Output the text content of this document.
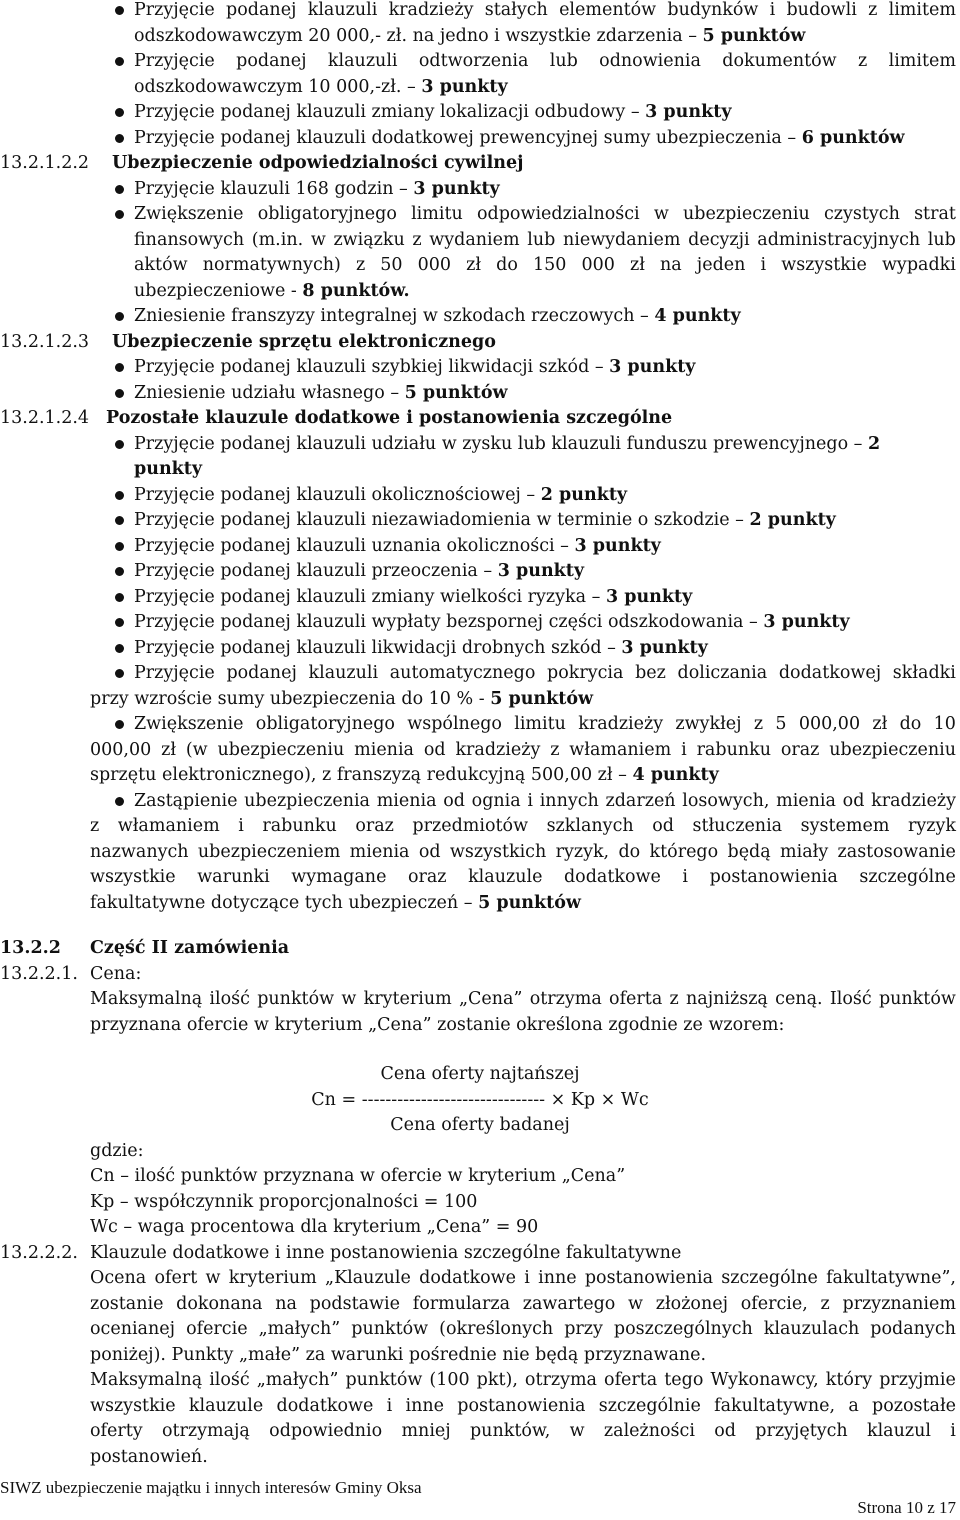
Przyjęcie podanej klauzuli kradzieży stałych elementów budynków i budowli z limitem
odszkodowawczym 20 000,- zł. na jedno i wszystkie zdarzenia – 5 punktów
Przyjęcie podanej klauzuli odtworzenia lub odnowienia dokumentów z limitem
odszkodowawczym 10 000,-zł. – 3 punkty
Przyjęcie podanej klauzuli zmiany lokalizacji odbudowy – 3 punkty
Przyjęcie podanej klauzuli dodatkowej prewencyjnej sumy ubezpieczenia – 6 punktów
13.2.1.2.2 Ubezpieczenie odpowiedzialności cywilnej
Przyjęcie klauzuli 168 godzin – 3 punkty
Zwiększenie obligatoryjnego limitu odpowiedzialności w ubezpieczeniu czystych strat
finansowych (m.in. w związku z wydaniem lub niewydaniem decyzji administracyjnych lub
aktów normatywnych) z 50 000 zł do 150 000 zł na jeden i wszystkie wypadki
ubezpieczeniowe - 8 punktów.
Zniesienie franszyzy integralnej w szkodach rzeczowych – 4 punkty
13.2.1.2.3 Ubezpieczenie sprzętu elektronicznego
Przyjęcie podanej klauzuli szybkiej likwidacji szkód – 3 punkty
Zniesienie udziału własnego – 5 punktów
13.2.1.2.4 Pozostałe klauzule dodatkowe i postanowienia szczególne
Przyjęcie podanej klauzuli udziału w zysku lub klauzuli funduszu prewencyjnego – 2
punkty
Przyjęcie podanej klauzuli okolicznościowej – 2 punkty
Przyjęcie podanej klauzuli niezawiadomienia w terminie o szkodzie – 2 punkty
Przyjęcie podanej klauzuli uznania okoliczności – 3 punkty
Przyjęcie podanej klauzuli przeoczenia – 3 punkty
Przyjęcie podanej klauzuli zmiany wielkości ryzyka – 3 punkty
Przyjęcie podanej klauzuli wypłaty bezspornej części odszkodowania – 3 punkty
Przyjęcie podanej klauzuli likwidacji drobnych szkód – 3 punkty
Przyjęcie podanej klauzuli automatycznego pokrycia bez doliczania dodatkowej składki
przy wzroście sumy ubezpieczenia do 10 % - 5 punktów
Zwiększenie obligatoryjnego wspólnego limitu kradzieży zwykłej z 5 000,00 zł do 10
000,00 zł (w ubezpieczeniu mienia od kradzieży z włamaniem i rabunku oraz ubezpieczeniu
sprzętu elektronicznego), z franszyzą redukcyjną 500,00 zł – 4 punkty
Zastąpienie ubezpieczenia mienia od ognia i innych zdarzeń losowych, mienia od kradzieży
z włamaniem i rabunku oraz przedmiotów szklanych od stłuczenia systemem ryzyk
nazwanych ubezpieczeniem mienia od wszystkich ryzyk, do którego będą miały zastosowanie
wszystkie warunki wymagane oraz klauzule dodatkowe i postanowienia szczególne
fakultatywne dotyczące tych ubezpieczeń – 5 punktów
13.2.2 Część II zamówienia
13.2.2.1. Cena:
Maksymalną ilość punktów w kryterium „Cena” otrzyma oferta z najniższą ceną. Ilość punktów
przyznana ofercie w kryterium „Cena” zostanie określona zgodnie ze wzorem:
Cena oferty najtańszej
Cn = ------------------------------- × Kp × Wc
Cena oferty badanej
gdzie:
Cn – ilość punktów przyznana w ofercie w kryterium „Cena”
Kp – współczynnik proporcjonalności = 100
Wc – waga procentowa dla kryterium „Cena” = 90
13.2.2.2. Klauzule dodatkowe i inne postanowienia szczególne fakultatywne
Ocena ofert w kryterium „Klauzule dodatkowe i inne postanowienia szczególne fakultatywne”,
zostanie dokonana na podstawie formularza zawartego w złożonej ofercie, z przyznaniem
ocenianej ofercie „małych” punktów (określonych przy poszczególnych klauzulach podanych
poniżej). Punkty „małe” za warunki pośrednie nie będą przyznawane.
Maksymalną ilość „małych” punktów (100 pkt), otrzyma oferta tego Wykonawcy, który przyjmie
wszystkie klauzule dodatkowe i inne postanowienia szczególnie fakultatywne, a pozostałe
oferty otrzymają odpowiednio mniej punktów, w zależności od przyjętych klauzul i
postanowień.
SIWZ ubezpieczenie majątku i innych interesów Gminy Oksa
Strona 10 z 17
